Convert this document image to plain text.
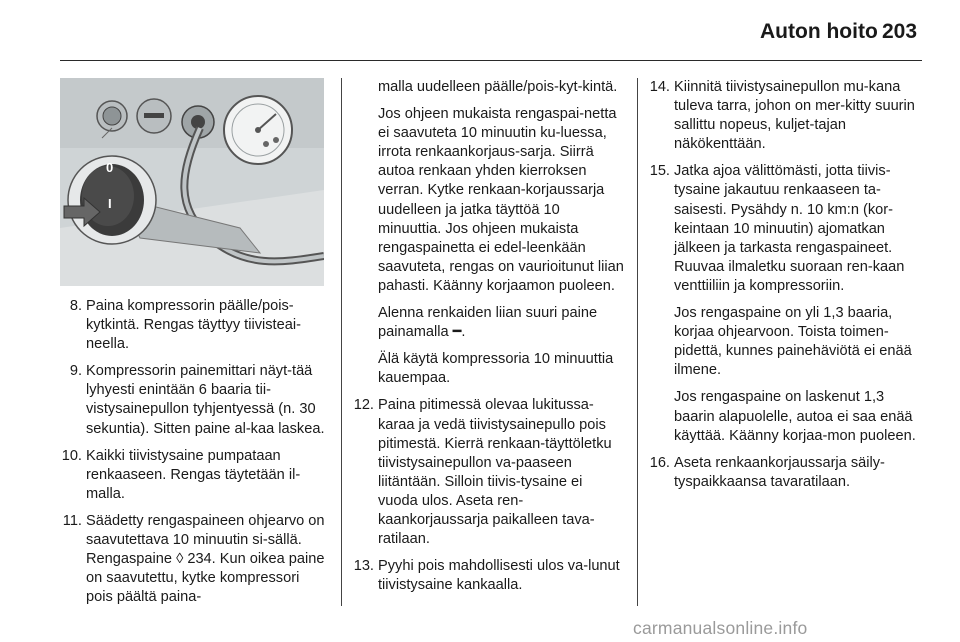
Auton hoito 203
0
I
8. Paina kompressorin päälle/pois-kytkintä. Rengas täyttyy tiivisteai-neella.
9. Kompressorin painemittari näyt-tää lyhyesti enintään 6 baaria tii-vistysainepullon tyhjentyessä (n. 30 sekuntia). Sitten paine al-kaa laskea.
10. Kaikki tiivistysaine pumpataan renkaaseen. Rengas täytetään il-malla.
11. Säädetty rengaspaineen ohjearvo on saavutettava 10 minuutin si-sällä. Rengaspaine ◊ 234. Kun oikea paine on saavutettu, kytke kompressori pois päältä paina-
malla uudelleen päälle/pois-kyt-kintä.
Jos ohjeen mukaista rengaspai-netta ei saavuteta 10 minuutin ku-luessa, irrota renkaankorjaus-sarja. Siirrä autoa renkaan yhden kierroksen verran. Kytke renkaan-korjaussarja uudelleen ja jatka täyttöä 10 minuuttia. Jos ohjeen mukaista rengaspainetta ei edel-leenkään saavuteta, rengas on vaurioitunut liian pahasti. Käänny korjaamon puoleen.
Alenna renkaiden liian suuri paine painamalla ━.
Älä käytä kompressoria 10 minuuttia kauempaa.
12. Paina pitimessä olevaa lukitussa-karaa ja vedä tiivistysainepullo pois pitimestä. Kierrä renkaan-täyttöletku tiivistysainepullon va-paaseen liitäntään. Silloin tiivis-tysaine ei vuoda ulos. Aseta ren-kaankorjaussarja paikalleen tava-ratilaan.
13. Pyyhi pois mahdollisesti ulos va-lunut tiivistysaine kankaalla.
14. Kiinnitä tiivistysainepullon mu-kana tuleva tarra, johon on mer-kitty suurin sallittu nopeus, kuljet-tajan näkökenttään.
15. Jatka ajoa välittömästi, jotta tiivis-tysaine jakautuu renkaaseen ta-saisesti. Pysähdy n. 10 km:n (kor-keintaan 10 minuutin) ajomatkan jälkeen ja tarkasta rengaspaineet. Ruuvaa ilmaletku suoraan ren-kaan venttiiliin ja kompressoriin.
Jos rengaspaine on yli 1,3 baaria, korjaa ohjearvoon. Toista toimen-pidettä, kunnes painehäviötä ei enää ilmene.
Jos rengaspaine on laskenut 1,3 baarin alapuolelle, autoa ei saa enää käyttää. Käänny korjaa-mon puoleen.
16. Aseta renkaankorjaussarja säily-tyspaikkaansa tavaratilaan.
carmanualsonline.info
